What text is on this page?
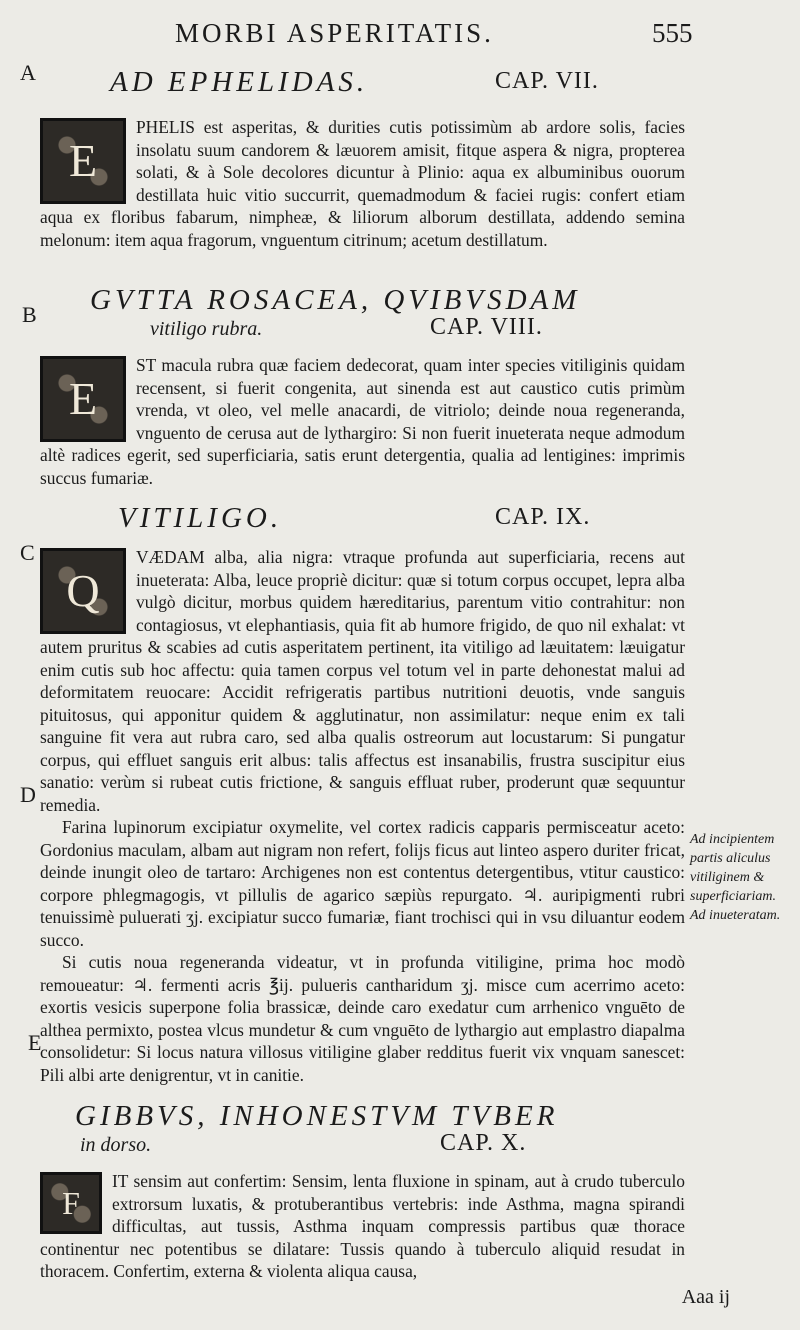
MORBI ASPERITATIS.	555
A
B
C
D
E
AD EPHELIDAS.	CAP. VII.
E

PHELIS est asperitas, & durities cutis potissimùm ab ardore solis, facies insolatu suum candorem & læuorem amisit, fitque aspera & nigra, propterea solati, & à Sole decolores dicuntur à Plinio: aqua ex albuminibus ouorum destillata huic vitio succurrit, quemadmodum & faciei rugis: confert etiam aqua ex floribus fabarum, nimpheæ, & liliorum alborum destillata, addendo semina melonum: item aqua fragorum, vnguentum citrinum; acetum destillatum.

GVTTA ROSACEA, QVIBVSDAM
vitiligo rubra.	CAP. VIII.
E

ST macula rubra quæ faciem dedecorat, quam inter species vitiliginis quidam recensent, si fuerit congenita, aut sinenda est aut caustico cutis primùm vrenda, vt oleo, vel melle anacardi, de vitriolo; deinde noua regeneranda, vnguento de cerusa aut de lythargiro: Si non fuerit inueterata neque admodum altè radices egerit, sed superficiaria, satis erunt detergentia, qualia ad lentigines: imprimis succus fumariæ.

VITILIGO.	CAP. IX.
Q

VÆDAM alba, alia nigra: vtraque profunda aut superficiaria, recens aut inueterata: Alba, leuce propriè dicitur: quæ si totum corpus occupet, lepra alba vulgò dicitur, morbus quidem hæreditarius, parentum vitio contrahitur: non contagiosus, vt elephantiasis, quia fit ab humore frigido, de quo nil exhalat: vt autem pruritus & scabies ad cutis asperitatem pertinent, ita vitiligo ad læuitatem: læuigatur enim cutis sub hoc affectu: quia tamen corpus vel totum vel in parte dehonestat malui ad deformitatem reuocare: Accidit refrigeratis partibus nutritioni deuotis, vnde sanguis pituitosus, qui apponitur quidem & agglutinatur, non assimilatur: neque enim ex tali sanguine fit vera aut rubra caro, sed alba qualis ostreorum aut locustarum: Si pungatur corpus, qui effluet sanguis erit albus: talis affectus est insanabilis, frustra suscipitur eius sanatio: verùm si rubeat cutis frictione, & sanguis effluat ruber, proderunt quæ sequuntur remedia.

Farina lupinorum excipiatur oxymelite, vel cortex radicis capparis permisceatur aceto: Gordonius maculam, albam aut nigram non refert, folijs ficus aut linteo aspero duriter fricat, deinde inungit oleo de tartaro: Archigenes non est contentus detergentibus, vtitur caustico: corpore phlegmagogis, vt pillulis de agarico sæpiùs repurgato. ♃. auripigmenti rubri tenuissimè puluerati ʒj. excipiatur succo fumariæ, fiant trochisci qui in vsu diluantur eodem succo.

Si cutis noua regeneranda videatur, vt in profunda vitiligine, prima hoc modò remoueatur: ♃. fermenti acris ℥ij. pulueris cantharidum ʒj. misce cum acerrimo aceto: exortis vesicis superpone folia brassicæ, deinde caro exedatur cum arrhenico vnguēto de althea permixto, postea vlcus mundetur & cum vnguēto de lythargio aut emplastro diapalma consolidetur: Si locus natura villosus vitiligine glaber redditus fuerit vix vnquam sanescet: Pili albi arte denigrentur, vt in canitie.

Ad incipientem
partis aliculus vitiliginem &
superficiariam.
Ad inueteratam.
GIBBVS, INHONESTVM TVBER
in dorso.	CAP. X.
F

IT sensim aut confertim: Sensim, lenta fluxione in spinam, aut à crudo tuberculo extrorsum luxatis, & protuberantibus vertebris: inde Asthma, magna spirandi difficultas, aut tussis, Asthma inquam compressis partibus quæ thorace continentur nec potentibus se dilatare: Tussis quando à tuberculo aliquid resudat in thoracem. Confertim, externa & violenta aliqua causa,

Aaa ij
